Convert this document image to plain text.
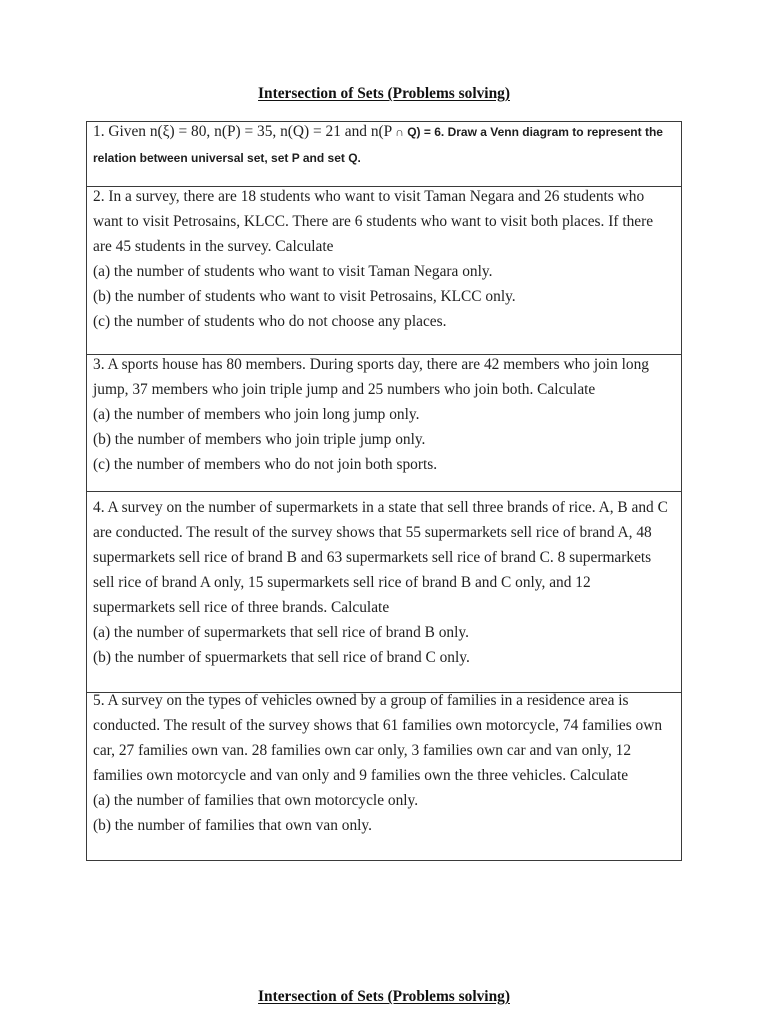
Intersection of Sets (Problems solving)
1. Given n(ξ) = 80, n(P) = 35, n(Q) = 21 and n(P ∩ Q) = 6. Draw a Venn diagram to represent the
relation between universal set, set P and set Q.
2. In a survey, there are 18 students who want to visit Taman Negara and 26 students who
want to visit Petrosains, KLCC. There are 6 students who want to visit both places. If there
are 45 students in the survey. Calculate
(a) the number of students who want to visit Taman Negara only.
(b) the number of students who want to visit Petrosains, KLCC only.
(c) the number of students who do not choose any places.
3. A sports house has 80 members. During sports day, there are 42 members who join long
jump, 37 members who join triple jump and 25 numbers who join both. Calculate
(a) the number of members who join long jump only.
(b) the number of members who join triple jump only.
(c) the number of members who do not join both sports.
4. A survey on the number of supermarkets in a state that sell three brands of rice. A, B and C
are conducted. The result of the survey shows that 55 supermarkets sell rice of brand A, 48
supermarkets sell rice of brand B and 63 supermarkets sell rice of brand C. 8 supermarkets
sell rice of brand A only, 15 supermarkets sell rice of brand B and C only, and 12
supermarkets sell rice of three brands. Calculate
(a) the number of supermarkets that sell rice of brand B only.
(b) the number of spuermarkets that sell rice of brand C only.
5. A survey on the types of vehicles owned by a group of families in a residence area is
conducted. The result of the survey shows that 61 families own motorcycle, 74 families own
car, 27 families own van. 28 families own car only, 3 families own car and van only, 12
families own motorcycle and van only and 9 families own the three vehicles. Calculate
(a) the number of families that own motorcycle only.
(b) the number of families that own van only.
Intersection of Sets (Problems solving)
